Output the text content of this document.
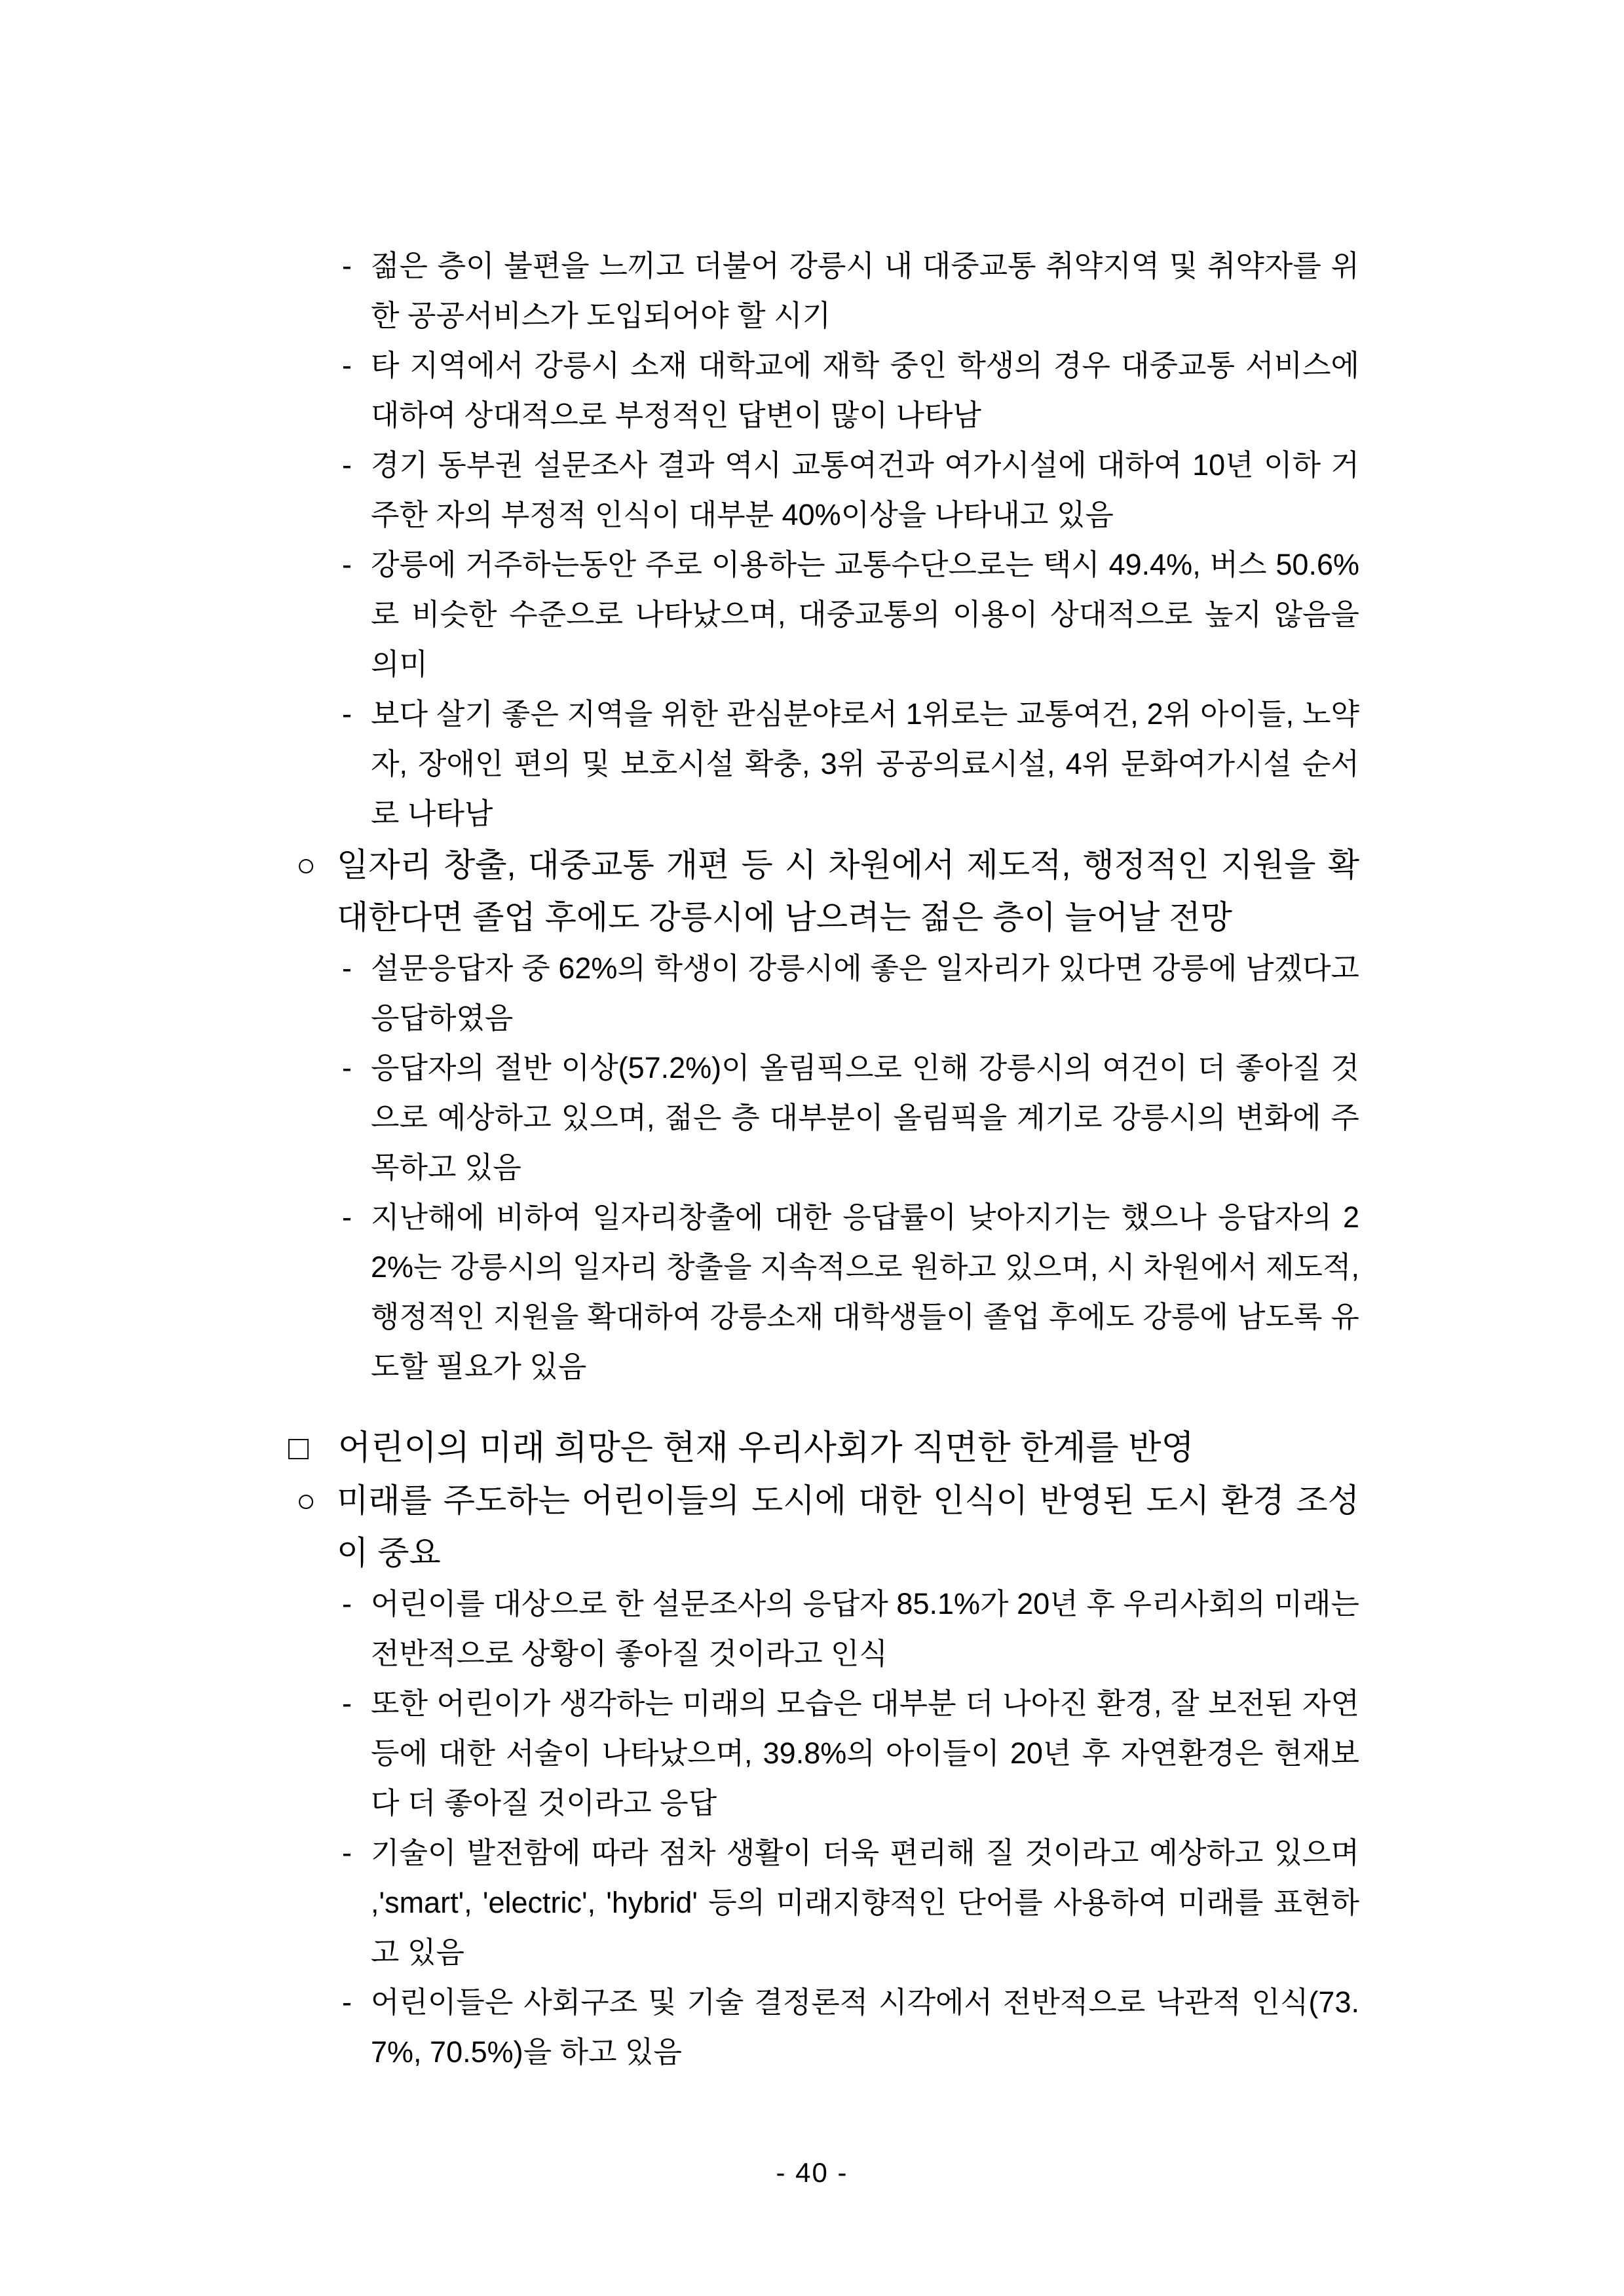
- 젊은 층이 불편을 느끼고 더불어 강릉시 내 대중교통 취약지역 및 취약자를 위한 공공서비스가 도입되어야 할 시기
- 타 지역에서 강릉시 소재 대학교에 재학 중인 학생의 경우 대중교통 서비스에 대하여 상대적으로 부정적인 답변이 많이 나타남
- 경기 동부권 설문조사 결과 역시 교통여건과 여가시설에 대하여 10년 이하 거주한 자의 부정적 인식이 대부분 40%이상을 나타내고 있음
- 강릉에 거주하는동안 주로 이용하는 교통수단으로는 택시 49.4%, 버스 50.6%로 비슷한 수준으로 나타났으며, 대중교통의 이용이 상대적으로 높지 않음을 의미
- 보다 살기 좋은 지역을 위한 관심분야로서 1위로는 교통여건, 2위 아이들, 노약자, 장애인 편의 및 보호시설 확충, 3위 공공의료시설, 4위 문화여가시설 순서로 나타남
○ 일자리 창출, 대중교통 개편 등 시 차원에서 제도적, 행정적인 지원을 확대한다면 졸업 후에도 강릉시에 남으려는 젊은 층이 늘어날 전망
- 설문응답자 중 62%의 학생이 강릉시에 좋은 일자리가 있다면 강릉에 남겠다고 응답하였음
- 응답자의 절반 이상(57.2%)이 올림픽으로 인해 강릉시의 여건이 더 좋아질 것으로 예상하고 있으며, 젊은 층 대부분이 올림픽을 계기로 강릉시의 변화에 주목하고 있음
- 지난해에 비하여 일자리창출에 대한 응답률이 낮아지기는 했으나 응답자의 22%는 강릉시의 일자리 창출을 지속적으로 원하고 있으며, 시 차원에서 제도적, 행정적인 지원을 확대하여 강릉소재 대학생들이 졸업 후에도 강릉에 남도록 유도할 필요가 있음
□ 어린이의 미래 희망은 현재 우리사회가 직면한 한계를 반영
○ 미래를 주도하는 어린이들의 도시에 대한 인식이 반영된 도시 환경 조성이 중요
- 어린이를 대상으로 한 설문조사의 응답자 85.1%가 20년 후 우리사회의 미래는 전반적으로 상황이 좋아질 것이라고 인식
- 또한 어린이가 생각하는 미래의 모습은 대부분 더 나아진 환경, 잘 보전된 자연 등에 대한 서술이 나타났으며, 39.8%의 아이들이 20년 후 자연환경은 현재보다 더 좋아질 것이라고 응답
- 기술이 발전함에 따라 점차 생활이 더욱 편리해 질 것이라고 예상하고 있으며 ,'smart', 'electric', 'hybrid' 등의 미래지향적인 단어를 사용하여 미래를 표현하고 있음
- 어린이들은 사회구조 및 기술 결정론적 시각에서 전반적으로 낙관적 인식(73.7%, 70.5%)을 하고 있음
- 40 -
